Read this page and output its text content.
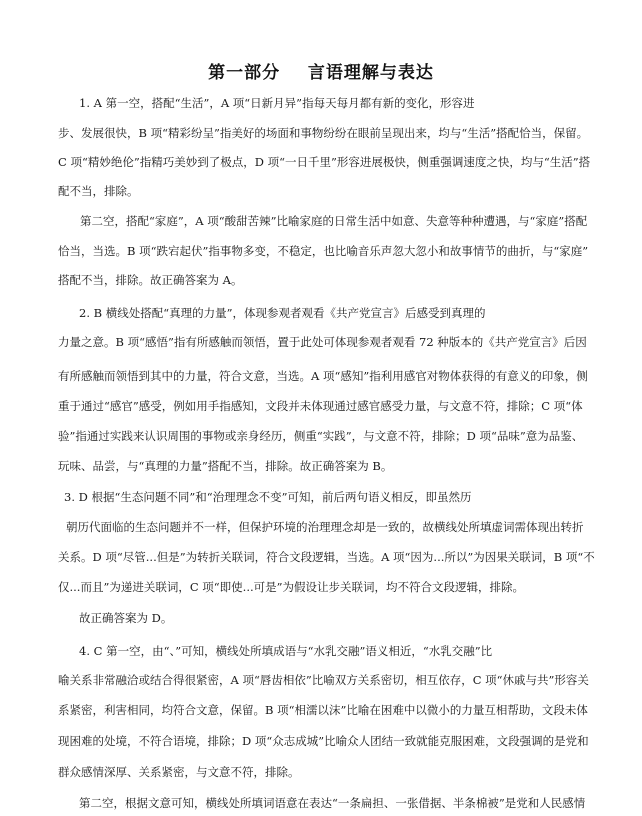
第一部分    言语理解与表达
1. A 第一空，搭配“生活”，A 项“日新月异”指每天每月都有新的变化，形容进
步、发展很快，B 项“精彩纷呈”指美好的场面和事物纷纷在眼前呈现出来，均与“生活”搭配恰当，保留。
C 项“精妙绝伦”指精巧美妙到了极点，D 项“一日千里”形容进展极快，侧重强调速度之快，均与“生活”搭
配不当，排除。
第二空，搭配“家庭”，A 项“酸甜苦辣”比喻家庭的日常生活中如意、失意等种种遭遇，与“家庭”搭配
恰当，当选。B 项“跌宕起伏”指事物多变，不稳定，也比喻音乐声忽大忽小和故事情节的曲折，与“家庭”
搭配不当，排除。故正确答案为 A。
2. B 横线处搭配“真理的力量”，体现参观者观看《共产党宣言》后感受到真理的
力量之意。B 项“感悟”指有所感触而领悟，置于此处可体现参观者观看 72 种版本的《共产党宣言》后因
有所感触而领悟到其中的力量，符合文意，当选。A 项“感知”指利用感官对物体获得的有意义的印象，侧
重于通过“感官”感受，例如用手指感知，文段并未体现通过感官感受力量，与文意不符，排除；C 项“体
验”指通过实践来认识周围的事物或亲身经历，侧重“实践”，与文意不符，排除；D 项“品味”意为品鉴、
玩味、品尝，与“真理的力量”搭配不当，排除。故正确答案为 B。
3. D 根据“生态问题不同”和“治理理念不变”可知，前后两句语义相反，即虽然历
朝历代面临的生态问题并不一样，但保护环境的治理理念却是一致的，故横线处所填虚词需体现出转折
关系。D 项“尽管...但是”为转折关联词，符合文段逻辑，当选。A 项“因为...所以”为因果关联词，B 项“不
仅...而且”为递进关联词，C 项“即使...可是”为假设让步关联词，均不符合文段逻辑，排除。
故正确答案为 D。
4. C 第一空，由“、”可知，横线处所填成语与“水乳交融”语义相近，“水乳交融”比
喻关系非常融洽或结合得很紧密，A 项“唇齿相依”比喻双方关系密切，相互依存，C 项“休戚与共”形容关
系紧密，利害相同，均符合文意，保留。B 项“相濡以沫”比喻在困难中以微小的力量互相帮助，文段未体
现困难的处境，不符合语境，排除；D 项“众志成城”比喻众人团结一致就能克服困难，文段强调的是党和
群众感情深厚、关系紧密，与文意不符，排除。
第二空，根据文意可知，横线处所填词语意在表达“一条扁担、一张借据、半条棉被”是党和人民感情
